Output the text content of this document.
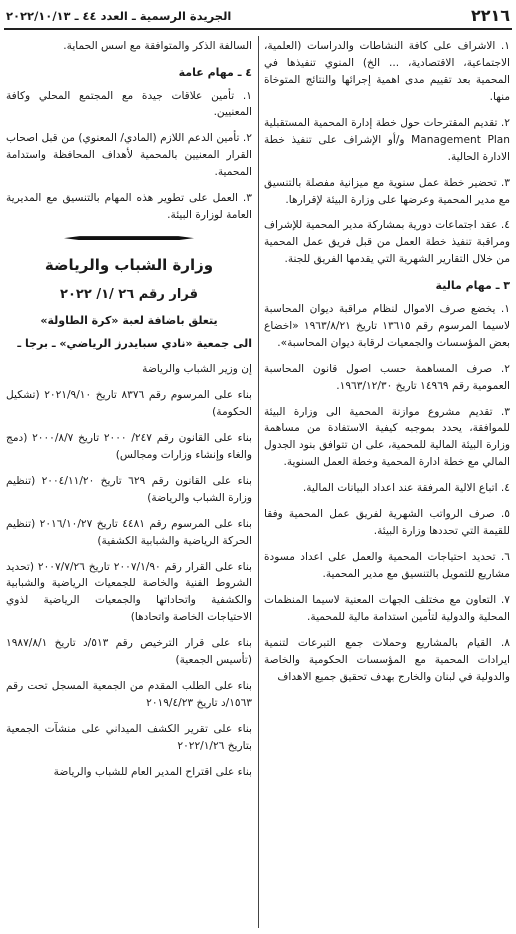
٢٢١٦
الجريدة الرسمية ـ العدد ٤٤ ـ ٢٠٢٢/١٠/١٣
١. الاشراف على كافة النشاطات والدراسات (العلمية، الاجتماعية، الاقتصادية، ... الخ) المنوي تنفيذها في المحمية بعد تقييم مدى اهمية إجرائها والنتائج المتوخاة منها.
٢. تقديم المقترحات حول خطة إدارة المحمية المستقبلية Management Plan و/أو الإشراف على تنفيذ خطة الادارة الحالية.
٣. تحضير خطة عمل سنوية مع ميزانية مفصلة بالتنسيق مع مدير المحمية وعرضها على وزارة البيئة لإقرارها.
٤. عقد اجتماعات دورية بمشاركة مدير المحمية للإشراف ومراقبة تنفيذ خطة العمل من قبل فريق عمل المحمية من خلال التقارير الشهرية التي يقدمها الفريق للجنة.
٣ ـ مهام مالية
١. يخضع صرف الاموال لنظام مراقبة ديوان المحاسبة لاسيما المرسوم رقم ١٣٦١٥ تاريخ ١٩٦٣/٨/٢١ «اخضاع بعض المؤسسات والجمعيات لرقابة ديوان المحاسبة».
٢. صرف المساهمة حسب اصول قانون المحاسبة العمومية رقم ١٤٩٦٩ تاريخ ١٩٦٣/١٢/٣٠.
٣. تقديم مشروع موازنة المحمية الى وزارة البيئة للموافقة، يحدد بموجبه كيفية الاستفادة من مساهمة وزارة البيئة المالية للمحمية، على ان تتوافق بنود الجدول المالي مع خطة ادارة المحمية وخطة العمل السنوية.
٤. اتباع الالية المرفقة عند اعداد البيانات المالية.
٥. صرف الرواتب الشهرية لفريق عمل المحمية وفقا للقيمة التي تحددها وزارة البيئة.
٦. تحديد احتياجات المحمية والعمل على اعداد مسودة مشاريع للتمويل بالتنسيق مع مدير المحمية.
٧. التعاون مع مختلف الجهات المعنية لاسيما المنظمات المحلية والدولية لتأمين استدامة مالية للمحمية.
٨. القيام بالمشاريع وحملات جمع التبرعات لتنمية ايرادات المحمية مع المؤسسات الحكومية والخاصة والدولية في لبنان والخارج بهدف تحقيق جميع الاهداف
السالفة الذكر والمتوافقة مع اسس الحماية.
٤ ـ مهام عامة
١. تأمين علاقات جيدة مع المجتمع المحلي وكافة المعنيين.
٢. تأمين الدعم اللازم (المادي/ المعنوي) من قبل اصحاب القرار المعنيين بالمحمية لأهداف المحافظة واستدامة المحمية.
٣. العمل على تطوير هذه المهام بالتنسيق مع المديرية العامة لوزارة البيئة.
وزارة الشباب والرياضة
قرار رقم ٢٦ /١/ ٢٠٢٢
يتعلق باضافة لعبة «كرة الطاولة»
الى جمعية «نادي سبايدرز الرياضي» ـ برجا ـ
إن وزير الشباب والرياضة
بناء على المرسوم رقم ٨٣٧٦ تاريخ ٢٠٢١/٩/١٠ (تشكيل الحكومة)
بناء على القانون رقم ٢٤٧/ ٢٠٠٠ تاريخ ٢٠٠٠/٨/٧ (دمج والغاء وإنشاء وزارات ومجالس)
بناء على القانون رقم ٦٢٩ تاريخ ٢٠٠٤/١١/٢٠ (تنظيم وزارة الشباب والرياضة)
بناء على المرسوم رقم ٤٤٨١ تاريخ ٢٠١٦/١٠/٢٧ (تنظيم الحركة الرياضية والشبابية الكشفية)
بناء على القرار رقم ٢٠٠٧/١/٩٠ تاريخ ٢٠٠٧/٧/٢٦ (تحديد الشروط الفنية والخاصة للجمعيات الرياضية والشبابية والكشفية واتحاداتها والجمعيات الرياضية لذوي الاحتياجات الخاصة واتحادها)
بناء على قرار الترخيص رقم ٥١٣/د تاريخ ١٩٨٧/٨/١ (تأسيس الجمعية)
بناء على الطلب المقدم من الجمعية المسجل تحت رقم ١٥٦٣/د تاريخ ٢٠١٩/٤/٢٣
بناء على تقرير الكشف الميداني على منشآت الجمعية بتاريخ ٢٠٢٢/١/٢٦
بناء على اقتراح المدير العام للشباب والرياضة
